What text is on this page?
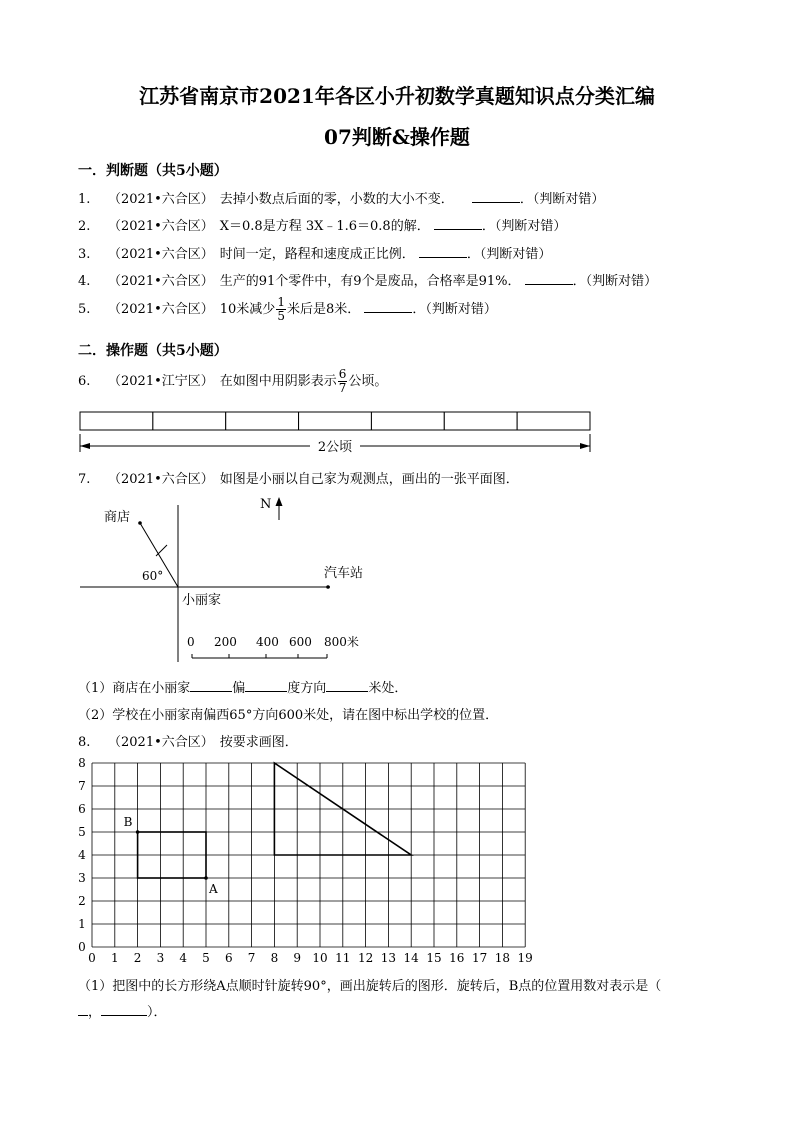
江苏省南京市2021年各区小升初数学真题知识点分类汇编
07判断&操作题
一．判断题（共5小题）
1. （2021•六合区） 去掉小数点后面的零，小数的大小不变．	．（判断对错）
2. （2021•六合区） X＝0.8是方程 3X﹣1.6＝0.8的解．	．（判断对错）
3. （2021•六合区） 时间一定，路程和速度成正比例．	．（判断对错）
4. （2021•六合区） 生产的91个零件中，有9个是废品，合格率是91%．	．（判断对错）
5. （2021•六合区） 10米减少 $\frac{1}{5}$ 米后是8米．	．（判断对错）
二．操作题（共5小题）
6. （2021•江宁区） 在如图中用阴影表示 $\frac{6}{7}$ 公顷。
2公顷
7. （2021•六合区） 如图是小丽以自己家为观测点，画出的一张平面图．
商店
汽车站
小丽家
60°
N
0 200 400 600 800米
（1）商店在小丽家	偏	度方向	米处．
（2）学校在小丽家南偏西65°方向600米处，请在图中标出学校的位置．
8. （2021•六合区） 按要求画图．
0 1 2 3 4 5 6 7 8 9 10 11 12 13 14 15 16 17 18 19
0
1
2
3
4
5
6
7
8
A
B
（1）把图中的长方形绕A点顺时针旋转90°，画出旋转后的图形．旋转后，B点的位置用数对表示是（
，	）．
